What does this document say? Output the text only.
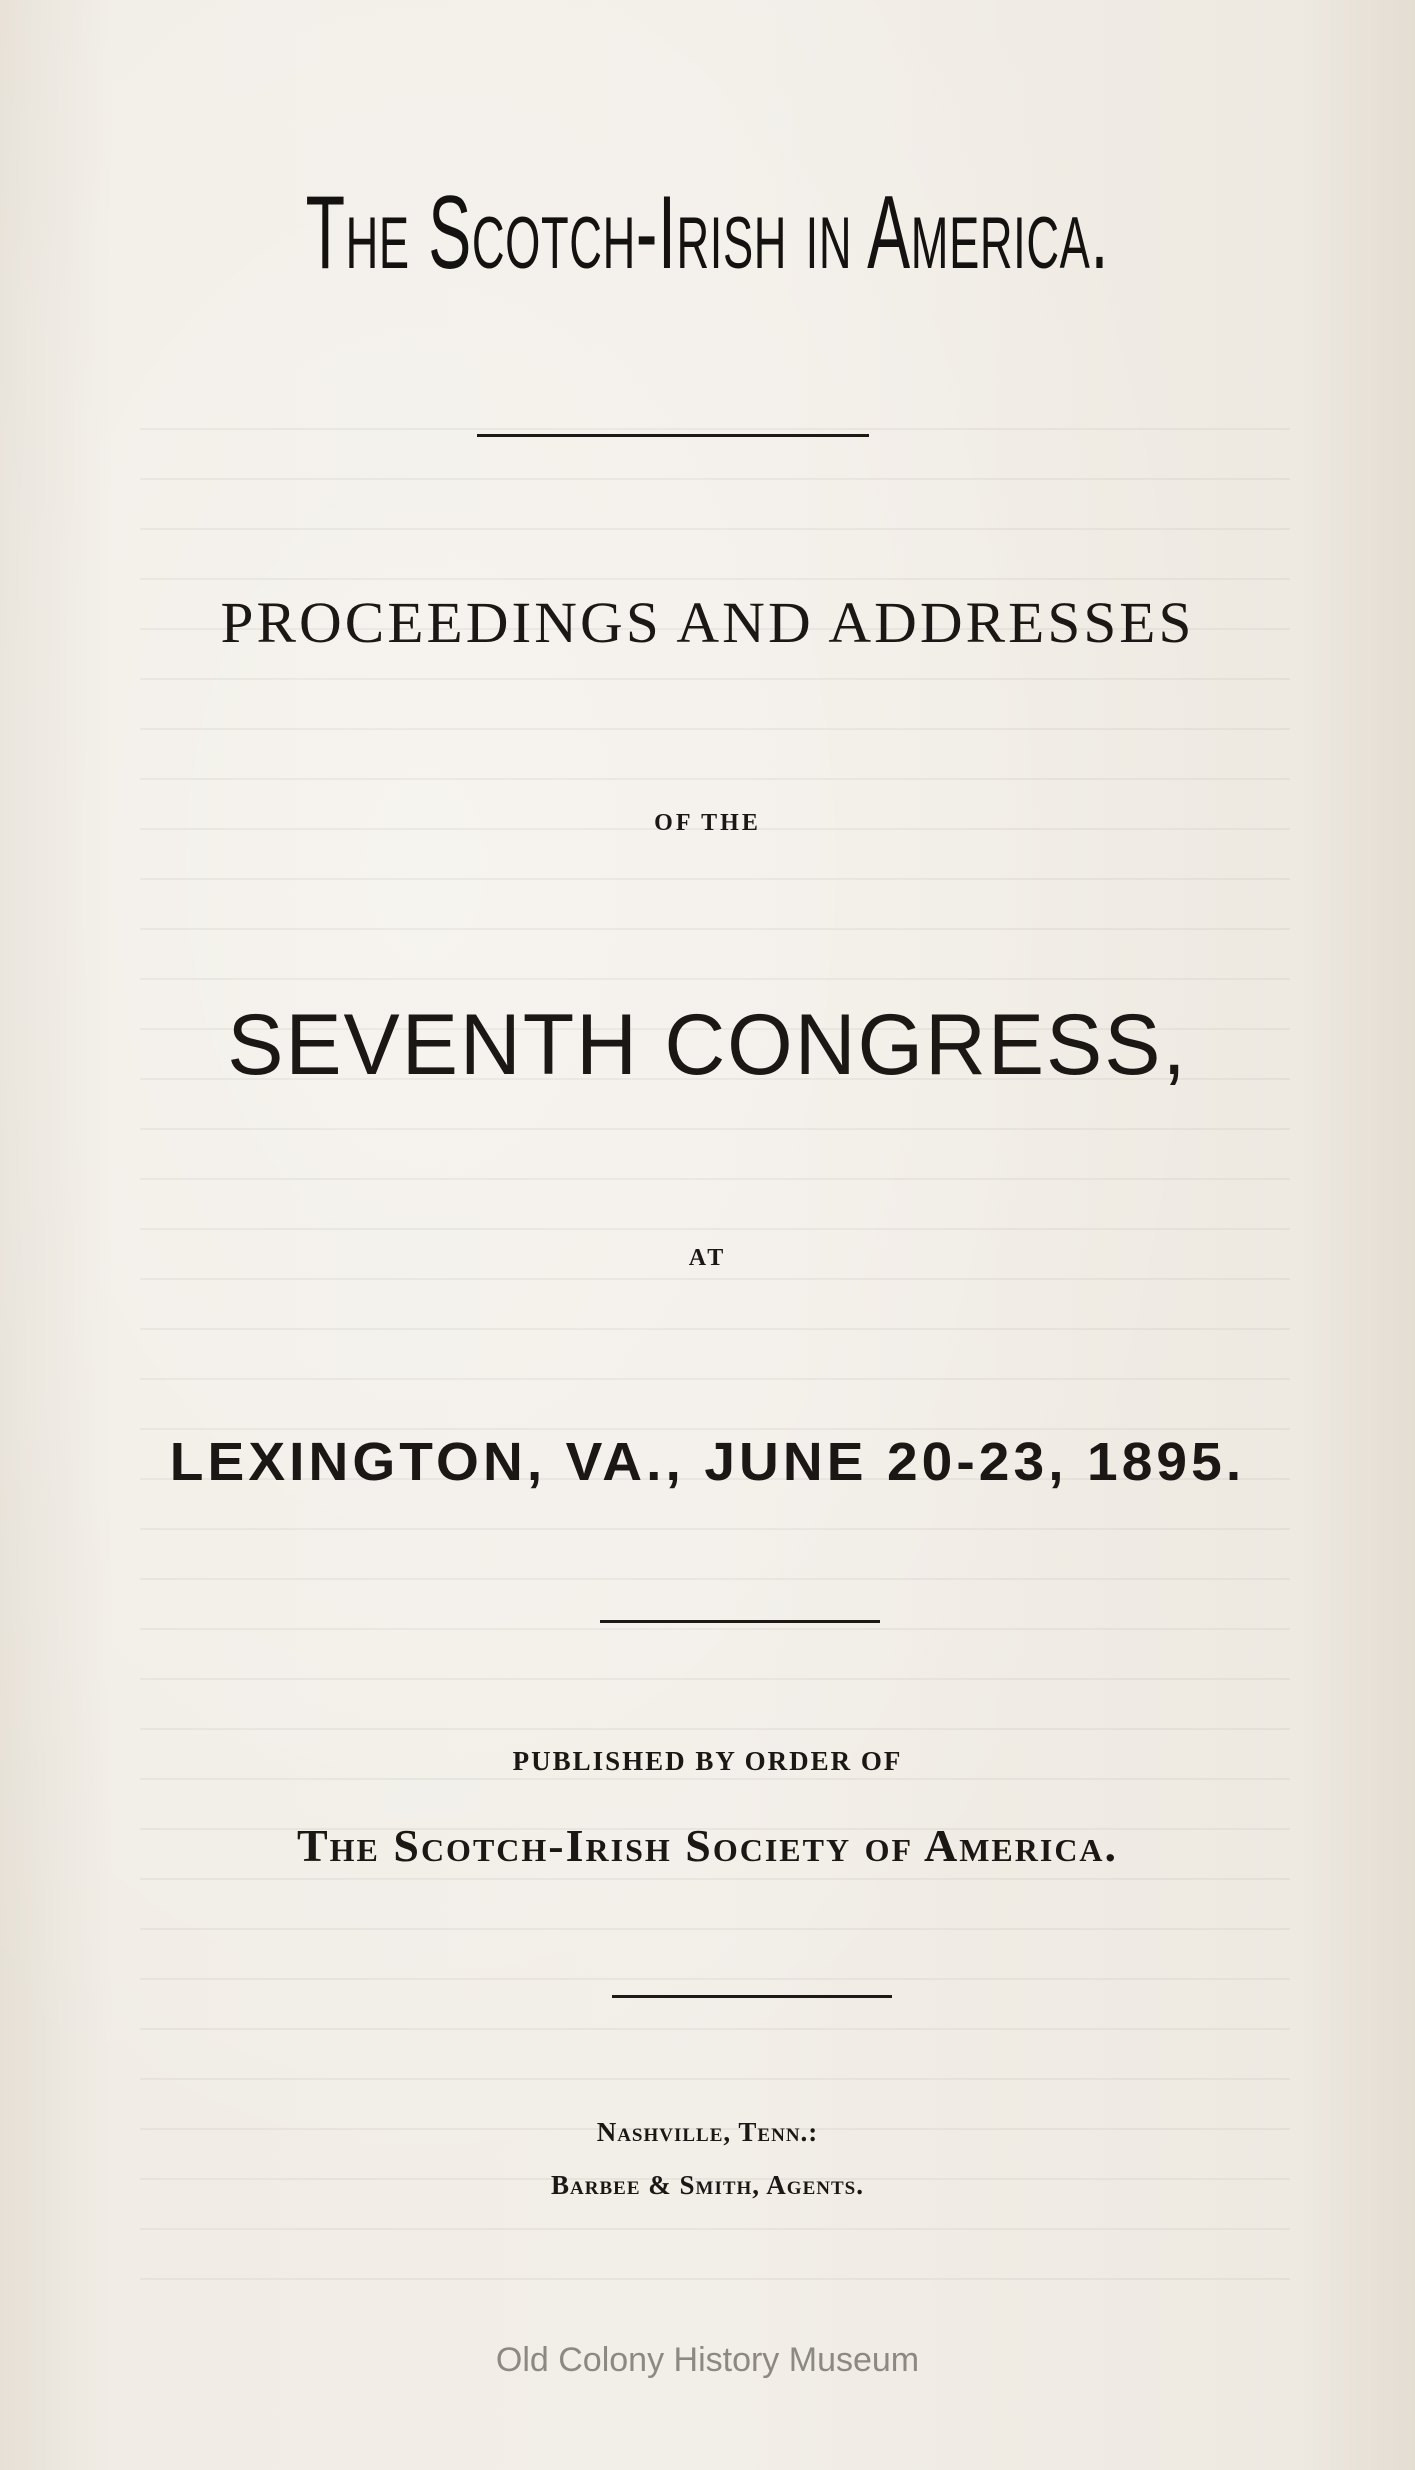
The Scotch-Irish in America.
PROCEEDINGS AND ADDRESSES
OF THE
SEVENTH CONGRESS,
AT
LEXINGTON, VA., JUNE 20-23, 1895.
PUBLISHED BY ORDER OF
The Scotch-Irish Society of America.
Nashville, Tenn.:
Barbee & Smith, Agents.
Old Colony History Museum
